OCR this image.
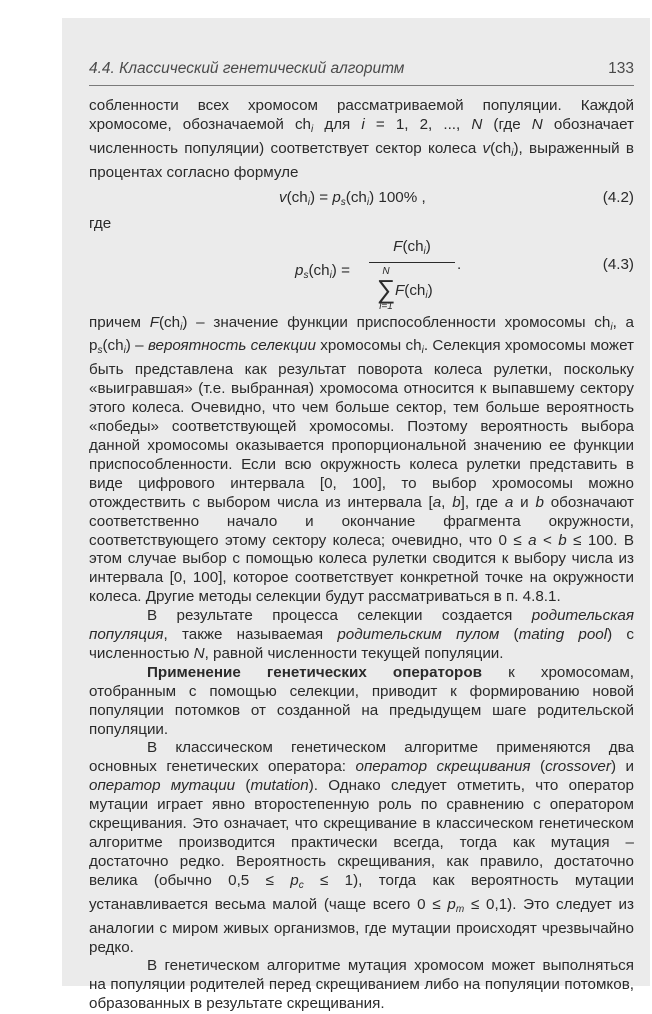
4.4. Классический генетический алгоритм	133

собленности всех хромосом рассматриваемой популяции. Каждой хромосоме, обозначаемой $ch_i$ для i = 1, 2, ..., N (где N обозначает численность популяции) соответствует сектор колеса $v(ch_i)$, выраженный в процентах согласно формуле

$v(ch_i) = p_s(ch_i)$ 100% ,	(4.2)

где

$p_s(ch_i)$ =
$F(ch_i)$
N
∑
i=1
$F(ch_i)$
.	(4.3)

причем $F(ch_i)$ – значение функции приспособленности хромосомы $ch_i$, а $p_s(ch_i)$ – вероятность селекции хромосомы $ch_i$. Селекция хромосомы может быть представлена как результат поворота колеса рулетки, поскольку «выигравшая» (т.е. выбранная) хромосома относится к выпавшему сектору этого колеса. Очевидно, что чем больше сектор, тем больше вероятность «победы» соответствующей хромосомы. Поэтому вероятность выбора данной хромосомы оказывается пропорциональной значению ее функции приспособленности. Если всю окружность колеса рулетки представить в виде цифрового интервала [0, 100], то выбор хромосомы можно отождествить с выбором числа из интервала [a, b], где a и b обозначают соответственно начало и окончание фрагмента окружности, соответствующего этому сектору колеса; очевидно, что 0 ≤ a < b ≤ 100. В этом случае выбор с помощью колеса рулетки сводится к выбору числа из интервала [0, 100], которое соответствует конкретной точке на окружности колеса. Другие методы селекции будут рассматриваться в п. 4.8.1.

В результате процесса селекции создается родительская популяция, также называемая родительским пулом (mating pool) с численностью N, равной численности текущей популяции.

Применение генетических операторов к хромосомам, отобранным с помощью селекции, приводит к формированию новой популяции потомков от созданной на предыдущем шаге родительской популяции.

В классическом генетическом алгоритме применяются два основных генетических оператора: оператор скрещивания (crossover) и оператор мутации (mutation). Однако следует отметить, что оператор мутации играет явно второстепенную роль по сравнению с оператором скрещивания. Это означает, что скрещивание в классическом генетическом алгоритме производится практически всегда, тогда как мутация – достаточно редко. Вероятность скрещивания, как правило, достаточно велика (обычно $0,5 \le p_c \le 1$), тогда как вероятность мутации устанавливается весьма малой (чаще всего $0 \le p_m \le 0,1$). Это следует из аналогии с миром живых организмов, где мутации происходят чрезвычайно редко.

В генетическом алгоритме мутация хромосом может выполняться на популяции родителей перед скрещиванием либо на популяции потомков, образованных в результате скрещивания.
